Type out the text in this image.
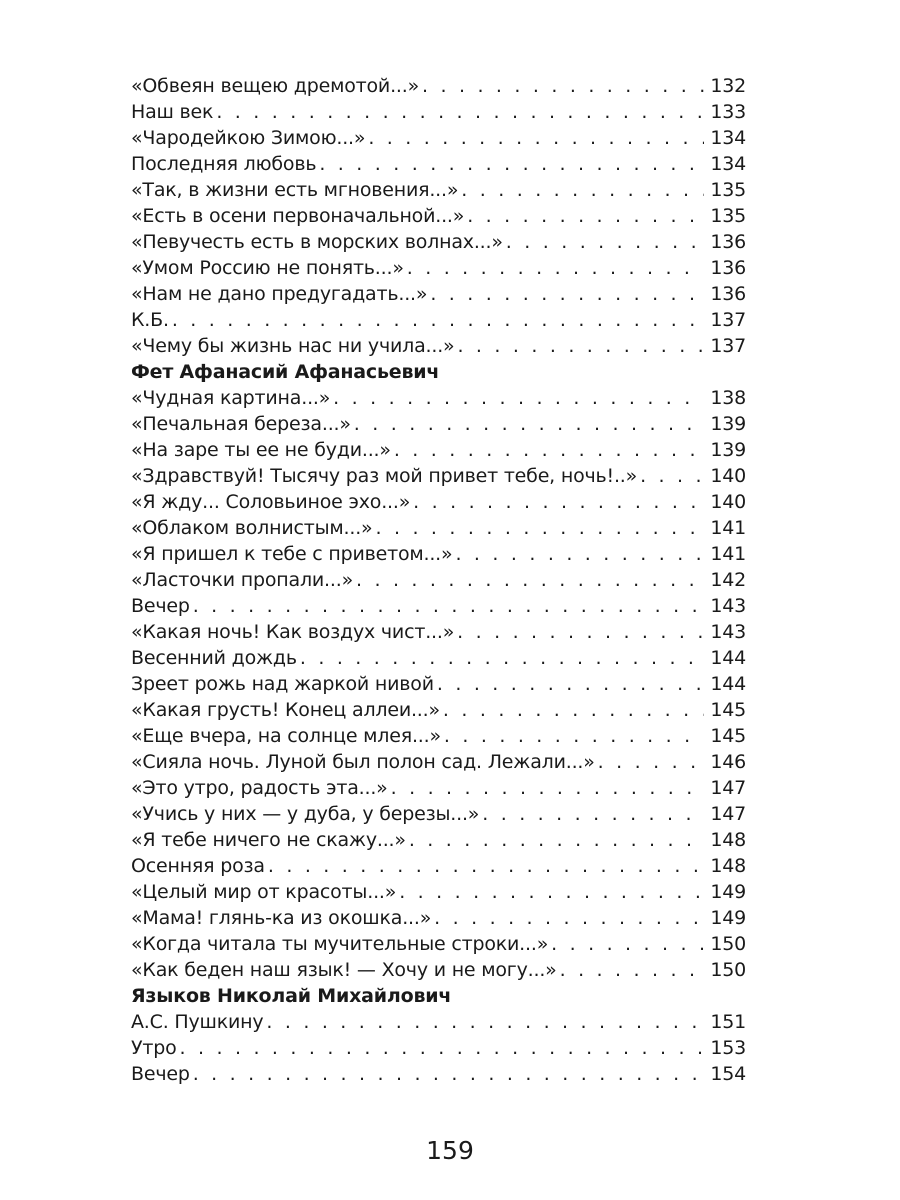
«Обвеян вещею дремотой...» . . .	132
Наш век . . .	133
«Чародейкою Зимою...» . . .	134
Последняя любовь . . .	134
«Так, в жизни есть мгновения...» . . .	135
«Есть в осени первоначальной...» . . .	135
«Певучесть есть в морских волнах...» . . .	136
«Умом Россию не понять...» . . .	136
«Нам не дано предугадать...» . . .	136
К.Б. . . .	137
«Чему бы жизнь нас ни учила...» . . .	137
Фет Афанасий Афанасьевич
«Чудная картина...» . . .	138
«Печальная береза...» . . .	139
«На заре ты ее не буди...» . . .	139
«Здравствуй! Тысячу раз мой привет тебе, ночь!..» . . .	140
«Я жду... Соловьиное эхо...» . . .	140
«Облаком волнистым...» . . .	141
«Я пришел к тебе с приветом...» . . .	141
«Ласточки пропали...» . . .	142
Вечер . . .	143
«Какая ночь! Как воздух чист...» . . .	143
Весенний дождь . . .	144
Зреет рожь над жаркой нивой . . .	144
«Какая грусть! Конец аллеи...» . . .	145
«Еще вчера, на солнце млея...» . . .	145
«Сияла ночь. Луной был полон сад. Лежали...» . . .	146
«Это утро, радость эта...» . . .	147
«Учись у них — у дуба, у березы...» . . .	147
«Я тебе ничего не скажу...» . . .	148
Осенняя роза . . .	148
«Целый мир от красоты...» . . .	149
«Мама! глянь-ка из окошка...» . . .	149
«Когда читала ты мучительные строки...» . . .	150
«Как беден наш язык! — Хочу и не могу...» . . .	150
Языков Николай Михайлович
А.С. Пушкину . . .	151
Утро . . .	153
Вечер . . .	154
159
